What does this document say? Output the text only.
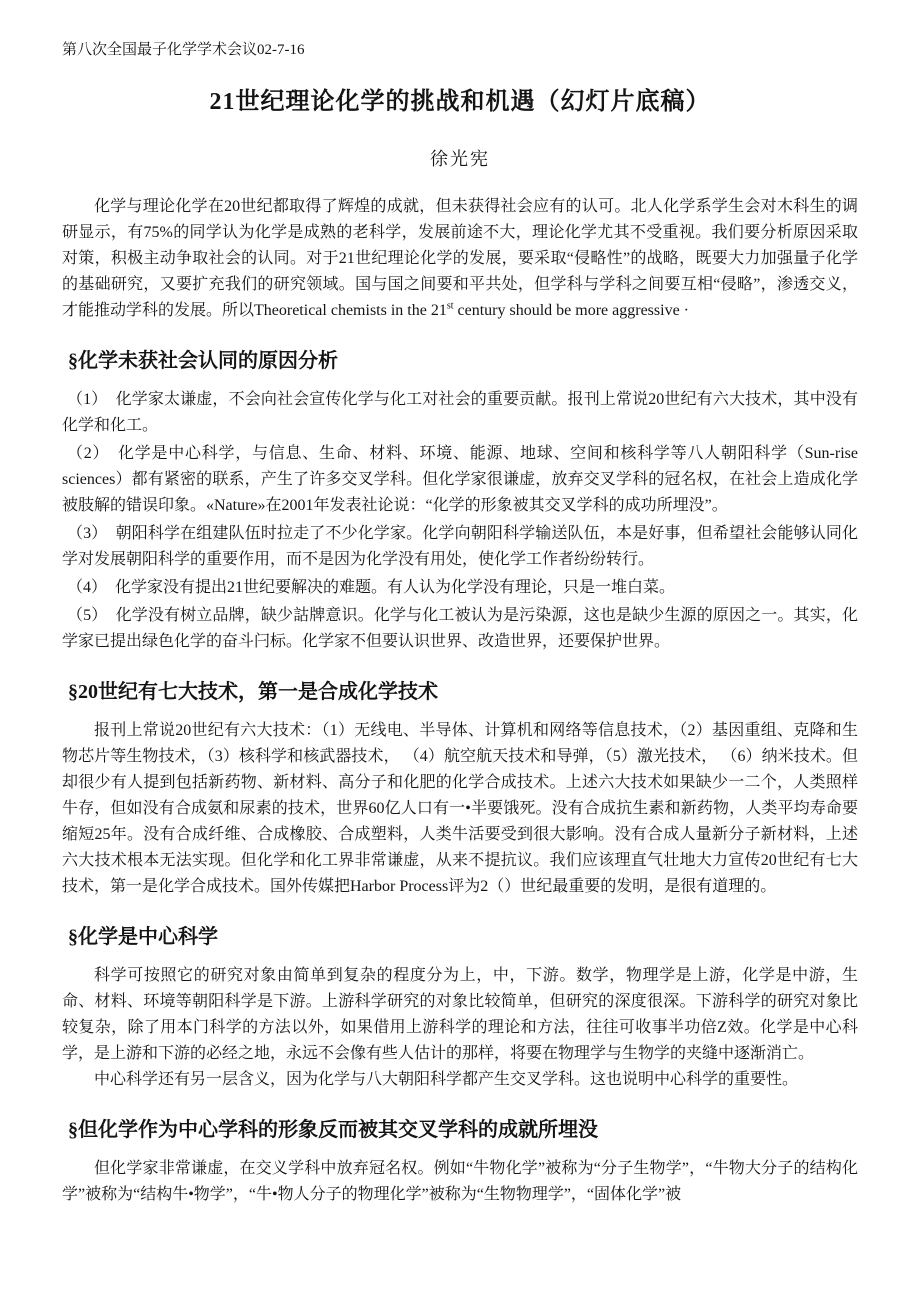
第八次全国最子化学学术会议02-7-16

21世纪理论化学的挑战和机遇（幻灯片底稿）

徐光宪

化学与理论化学在20世纪都取得了辉煌的成就，但未获得社会应有的认可。北人化学系学生会对木科生的调研显示，有75%的同学认为化学是成熟的老科学，发展前途不大，理论化学尤其不受重视。我们要分析原因采取对策，积极主动争取社会的认同。对于21世纪理论化学的发展，要采取“侵略性”的战略，既要大力加强量子化学的基础研究，又要扩充我们的研究领域。国与国之间要和平共处，但学科与学科之间要互相“侵略”，渗透交义，才能推动学科的发展。所以Theoretical chemists in the 21st century should be more aggressive ·

§化学未获社会认同的原因分析

（1）　化学家太谦虚，不会向社会宣传化学与化工对社会的重要贡献。报刊上常说20世纪有六大技术，其中没有化学和化工。

（2）　化学是中心科学，与信息、生命、材料、环境、能源、地球、空间和核科学等八人朝阳科学（Sun-rise sciences）都有紧密的联系，产生了许多交叉学科。但化学家很谦虚，放弃交叉学科的冠名权，在社会上造成化学被肢解的错误印象。«Nature»在2001年发表社论说：“化学的形象被其交叉学科的成功所埋没”。

（3）　朝阳科学在组建队伍时拉走了不少化学家。化学向朝阳科学输送队伍，本是好事，但希望社会能够认同化学对发展朝阳科学的重要作用，而不是因为化学没有用处，使化学工作者纷纷转行。

（4）　化学家没有提出21世纪要解决的难题。有人认为化学没有理论，只是一堆白菜。

（5）　化学没有树立品牌，缺少詁牌意识。化学与化工被认为是污染源，这也是缺少生源的原因之一。其实，化学家已提出绿色化学的奋斗闩标。化学家不但要认识世界、改造世界，还要保护世界。

§20世纪有七大技术，第一是合成化学技术

报刊上常说20世纪有六大技术：（1）无线电、半导体、计算机和网络等信息技术，（2）基因重组、克降和生物芯片等生物技术，（3）核科学和核武器技术， （4）航空航天技术和导弹，（5）激光技术， （6）纳米技术。但却很少有人提到包括新药物、新材料、高分子和化肥的化学合成技术。上述六大技术如果缺少一二个，人类照样牛存，但如没有合成氨和尿素的技术，世界60亿人口有一•半要饿死。没有合成抗生素和新药物，人类平均寿命要缩短25年。没有合成纤维、合成橡胶、合成塑料，人类牛活要受到很大影响。没有合成人量新分子新材料，上述六大技术根本无法实现。但化学和化工界非常谦虚，从来不提抗议。我们应该理直气壮地大力宣传20世纪有七大技术，第一是化学合成技术。国外传媒把Harbor Process评为2（）世纪最重要的发明，是很有道理的。

§化学是中心科学

科学可按照它的研究对象由简单到复杂的程度分为上，中，下游。数学，物理学是上游，化学是中游，生命、材料、环境等朝阳科学是下游。上游科学研究的对象比较简单，但研究的深度很深。下游科学的研究对象比较复杂，除了用本门科学的方法以外，如果借用上游科学的理论和方法，往往可收事半功倍Z效。化学是中心科学，是上游和下游的必经之地，永远不会像有些人估计的那样，将要在物理学与生物学的夹缝中逐渐消亡。

中心科学还有另一层含义，因为化学与八大朝阳科学都产生交叉学科。这也说明中心科学的重要性。

§但化学作为中心学科的形象反而被其交叉学科的成就所埋没

但化学家非常谦虚，在交义学科中放弃冠名权。例如“牛物化学”被称为“分子生物学”，“牛物大分子的结构化学”被称为“结构牛•物学”，“牛•物人分子的物理化学”被称为“生物物理学”，“固体化学”被
